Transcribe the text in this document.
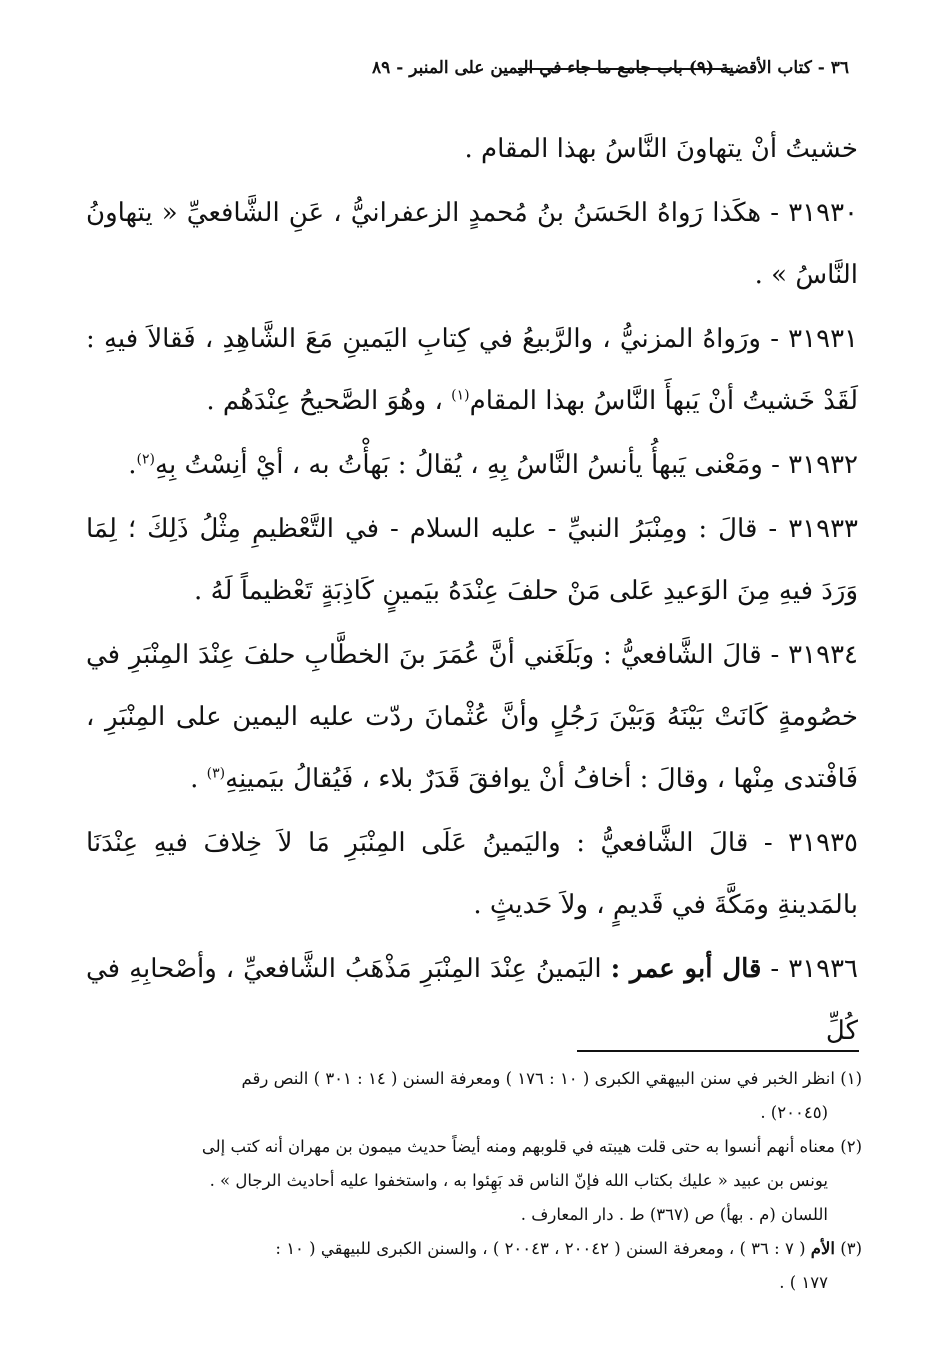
٣٦ - كتاب الأقضية (٩) باب جامع ما جاء في اليمين على المنبر - ٨٩

خشيتُ أنْ يتهاونَ النَّاسُ بهذا المقام .

٣١٩٣٠ - هكَذا رَواهُ الحَسَنُ بنُ مُحمدٍ الزعفرانيُّ ، عَنِ الشَّافعيِّ « يتهاونُ النَّاسُ » .

٣١٩٣١ - ورَواهُ المزنيُّ ، والرَّبيعُ في كِتابِ اليَمينِ مَعَ الشَّاهِدِ ، فَقالاَ فيهِ : لَقَدْ خَشيتُ أنْ يَبهأَ النَّاسُ بهذا المقام$^{(١)}$ ، وهُوَ الصَّحيحُ عِنْدَهُم .

٣١٩٣٢ - ومَعْنى يَبهأُ يأنسُ النَّاسُ بِهِ ، يُقالُ : بَهأْتُ به ، أيْ أنِسْتُ بِهِ$^{(٢)}$.

٣١٩٣٣ - قالَ : ومِنْبَرُ النبيِّ - عليه السلام - في التَّعْظيمِ مِثْلُ ذَلِكَ ؛ لِمَا وَرَدَ فيهِ مِنَ الوَعيدِ عَلى مَنْ حلفَ عِنْدَهُ بيَمينٍ كَاذِبَةٍ تَعْظيماً لَهُ .

٣١٩٣٤ - قالَ الشَّافعيُّ : وبَلَغَني أنَّ عُمَرَ بنَ الخطَّابِ حلفَ عِنْدَ المِنْبَرِ في خصُومةٍ كَانَتْ بَيْنَهُ وَبَيْنَ رَجُلٍ وأنَّ عُثْمانَ ردّت عليه اليمين على المِنْبَرِ ، فَافْتدى مِنْها ، وقالَ : أخافُ أنْ يوافقَ قَدَرٌ بلاء ، فَيُقالُ بيَمينِهِ$^{(٣)}$ .

٣١٩٣٥ - قالَ الشَّافعيُّ : واليَمينُ عَلَى المِنْبَرِ مَا لاَ خِلافَ فيهِ عِنْدَنَا بالمَدينةِ ومَكَّةَ في قَديمٍ ، ولاَ حَديثٍ .

٣١٩٣٦ - قال أبو عمر : اليَمينُ عِنْدَ المِنْبَرِ مَذْهَبُ الشَّافعيِّ ، وأصْحابِهِ في كُلِّ

(١) انظر الخبر في سنن البيهقي الكبرى ( ١٠ : ١٧٦ ) ومعرفة السنن ( ١٤ : ٣٠١ ) النص رقم

(٢٠٠٤٥) .

(٢) معناه أنهم أنسوا به حتى قلت هيبته في قلوبهم ومنه أيضاً حديث ميمون بن مهران أنه كتب إلى

يونس بن عبيد « عليك بكتاب الله فإنّ الناس قد بَهِئوا به ، واستخفوا عليه أحاديث الرجال » .

اللسان (م . بهأ) ص (٣٦٧) ط . دار المعارف .

(٣) الأم ( ٧ : ٣٦ ) ، ومعرفة السنن ( ٢٠٠٤٢ ، ٢٠٠٤٣ ) ، والسنن الكبرى للبيهقي ( ١٠ :

١٧٧ ) .
